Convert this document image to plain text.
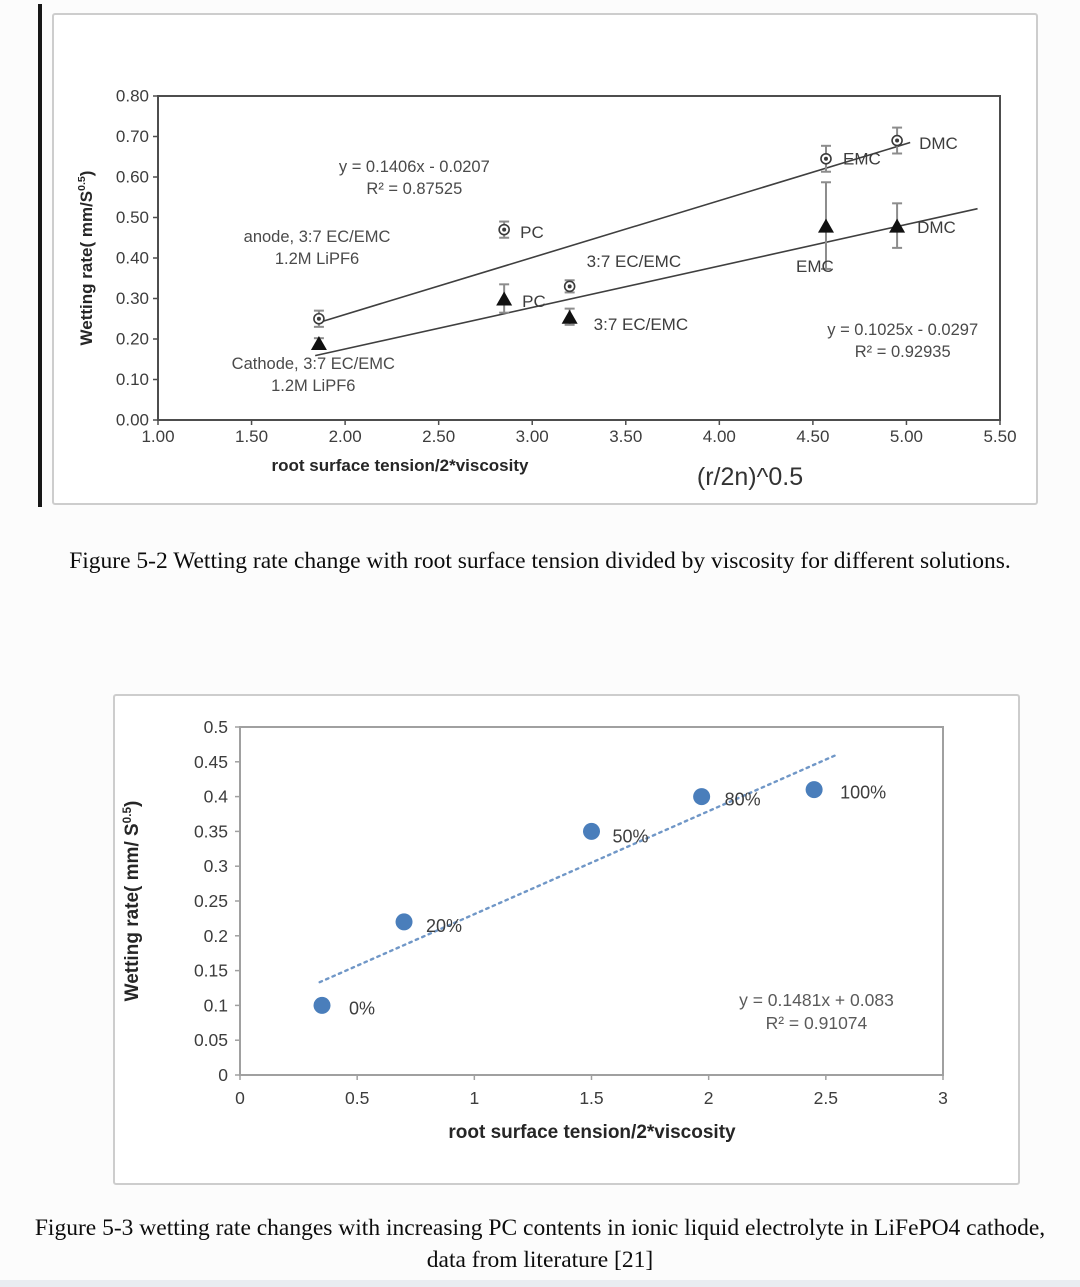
1.00	1.50	2.00	2.50	3.00	3.50	4.00	4.50	5.00	5.50
0.00
0.10
0.20
0.30
0.40
0.50
0.60
0.70
0.80
root surface tension/2*viscosity	(r/2n)^0.5
Wetting rate( $mm/S^{0.5}$)
PC
3:7 EC/EMC
EMC
DMC
PC
3:7 EC/EMC
EMC
DMC
y = 0.1406x - 0.0207
R² = 0.87525
anode, 3:7 EC/EMC
1.2M LiPF6
Cathode, 3:7 EC/EMC
1.2M LiPF6
y = 0.1025x - 0.0297
R² = 0.92935

Figure 5-2 Wetting rate change with root surface tension divided by viscosity for different solutions.

0	0.5	1	1.5	2	2.5	3
0
0.05
0.1
0.15
0.2
0.25
0.3
0.35
0.4
0.45
0.5
root surface tension/2*viscosity
Wetting rate( mm/ $S^{0.5}$)
0%
20%
50%
80%	100%
y = 0.1481x + 0.083
R² = 0.91074

Figure 5-3 wetting rate changes with increasing PC contents in ionic liquid electrolyte in LiFePO4 cathode, data from literature [21]
